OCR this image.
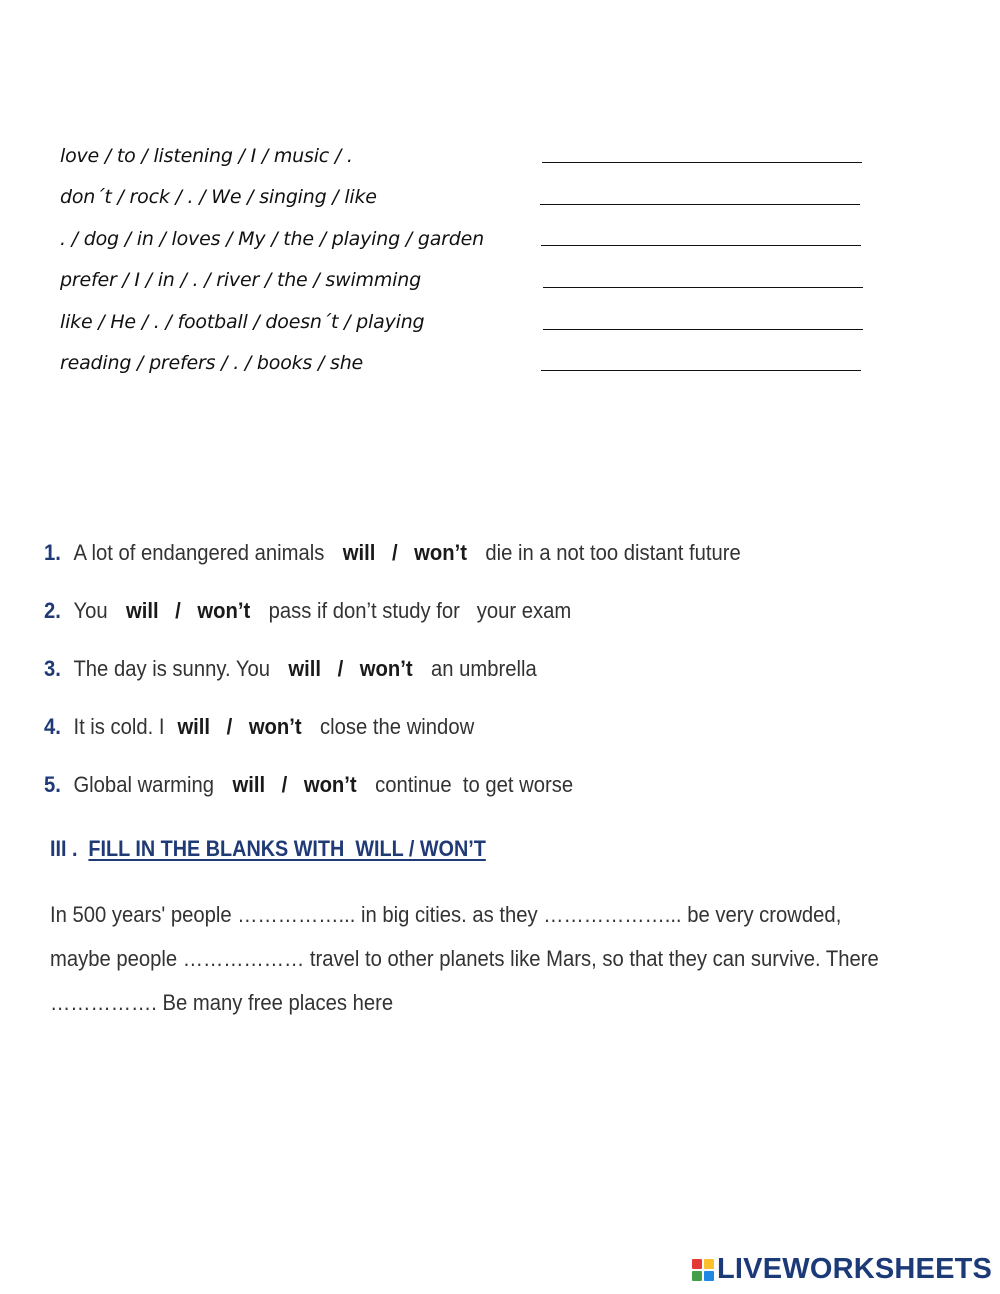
love / to / listening / I / music / .
don´t / rock / . / We / singing / like
. / dog / in / loves / My / the / playing / garden
prefer / I / in / . / river / the / swimming
like / He / . / football / doesn´t / playing
reading / prefers / . / books / she
1. A lot of endangered animals will / won’t die in a not too distant future
2. You will / won’t pass if don’t study for   your exam
3. The day is sunny. You will / won’t an umbrella
4. It is cold. I will / won’t close the window
5. Global warming will / won’t continue  to get worse
III . FILL IN THE BLANKS WITH  WILL / WON’T
In 500 years' people ……………... in big cities. as they ………………... be very crowded,
maybe people ……………… travel to other planets like Mars, so that they can survive. There
……………. Be many free places here
LIVEWORKSHEETS
